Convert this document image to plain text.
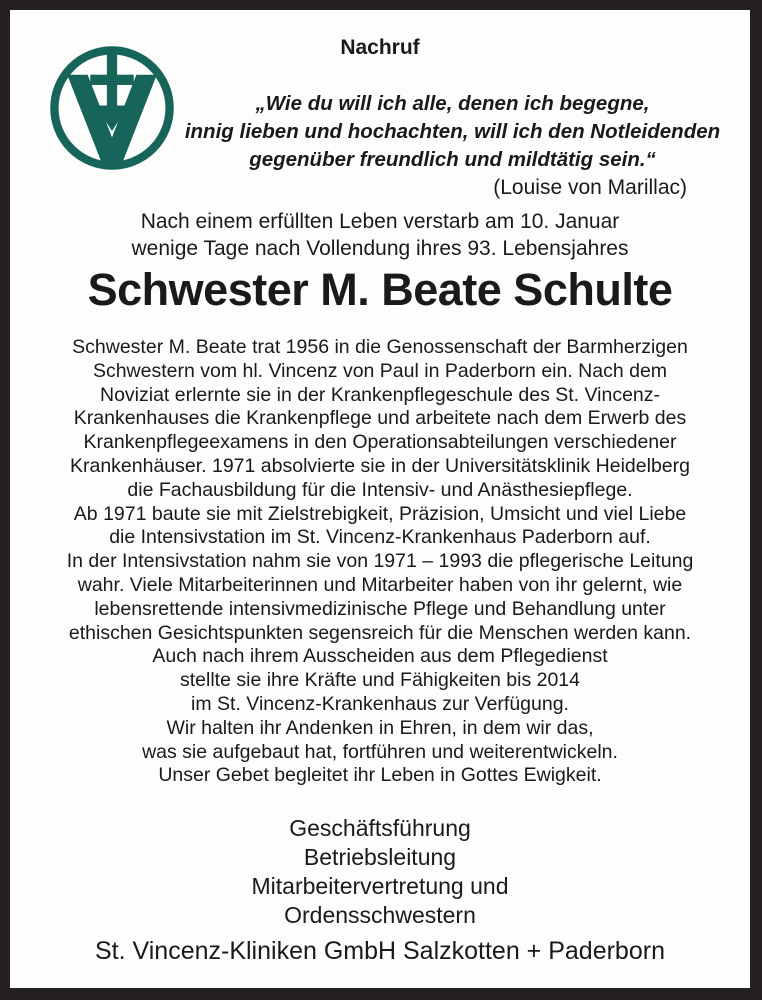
Nachruf
„Wie du will ich alle, denen ich begegne,
innig lieben und hochachten, will ich den Notleidenden
gegenüber freundlich und mildtätig sein.“
(Louise von Marillac)
Nach einem erfüllten Leben verstarb am 10. Januar
wenige Tage nach Vollendung ihres 93. Lebensjahres
Schwester M. Beate Schulte
Schwester M. Beate trat 1956 in die Genossenschaft der Barmherzigen
Schwestern vom hl. Vincenz von Paul in Paderborn ein. Nach dem
Noviziat erlernte sie in der Krankenpflegeschule des St. Vincenz-
Krankenhauses die Krankenpflege und arbeitete nach dem Erwerb des
Krankenpflegeexamens in den Operationsabteilungen verschiedener
Krankenhäuser. 1971 absolvierte sie in der Universitätsklinik Heidelberg
die Fachausbildung für die Intensiv- und Anästhesiepflege.
Ab 1971 baute sie mit Zielstrebigkeit, Präzision, Umsicht und viel Liebe
die Intensivstation im St. Vincenz-Krankenhaus Paderborn auf.
In der Intensivstation nahm sie von 1971 – 1993 die pflegerische Leitung
wahr. Viele Mitarbeiterinnen und Mitarbeiter haben von ihr gelernt, wie
lebensrettende intensivmedizinische Pflege und Behandlung unter
ethischen Gesichtspunkten segensreich für die Menschen werden kann.
Auch nach ihrem Ausscheiden aus dem Pflegedienst
stellte sie ihre Kräfte und Fähigkeiten bis 2014
im St. Vincenz-Krankenhaus zur Verfügung.
Wir halten ihr Andenken in Ehren, in dem wir das,
was sie aufgebaut hat, fortführen und weiterentwickeln.
Unser Gebet begleitet ihr Leben in Gottes Ewigkeit.
Geschäftsführung
Betriebsleitung
Mitarbeitervertretung und
Ordensschwestern
St. Vincenz-Kliniken GmbH Salzkotten + Paderborn
